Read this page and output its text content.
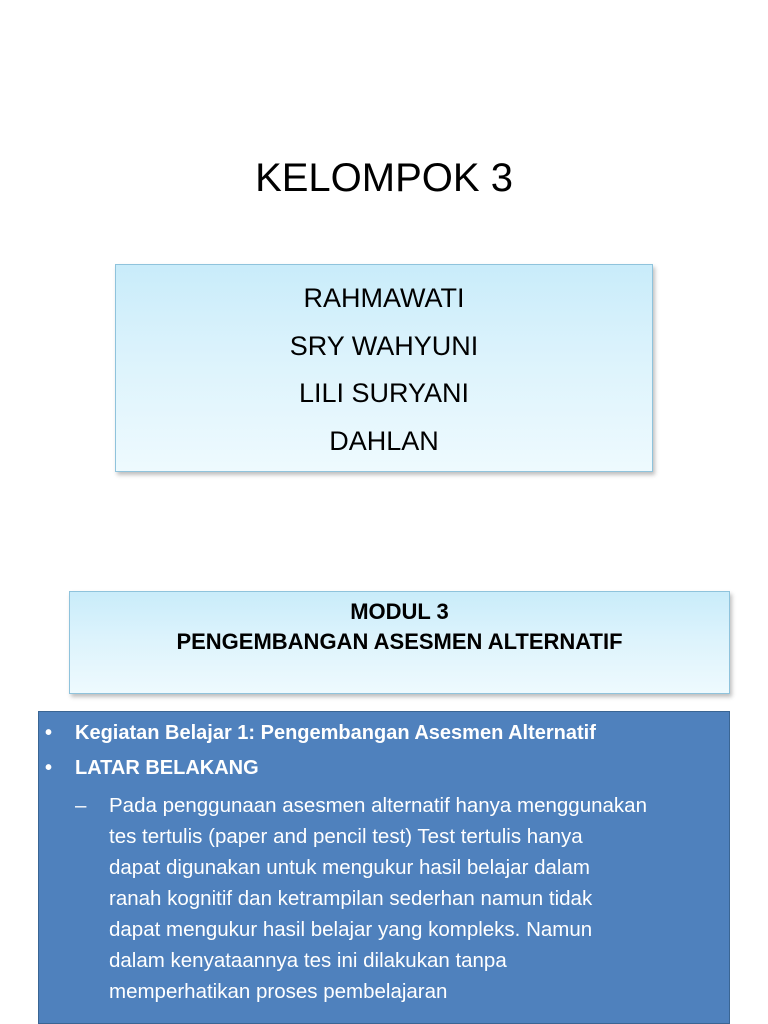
KELOMPOK 3
RAHMAWATI
SRY WAHYUNI
LILI SURYANI
DAHLAN
MODUL 3
PENGEMBANGAN ASESMEN ALTERNATIF
• Kegiatan Belajar 1: Pengembangan Asesmen Alternatif
• LATAR BELAKANG
– Pada penggunaan asesmen alternatif hanya menggunakan
tes tertulis (paper and pencil test) Test tertulis hanya
dapat digunakan untuk mengukur hasil belajar dalam
ranah kognitif dan ketrampilan sederhan namun tidak
dapat mengukur hasil belajar yang kompleks. Namun
dalam kenyataannya tes ini dilakukan tanpa
memperhatikan proses pembelajaran
